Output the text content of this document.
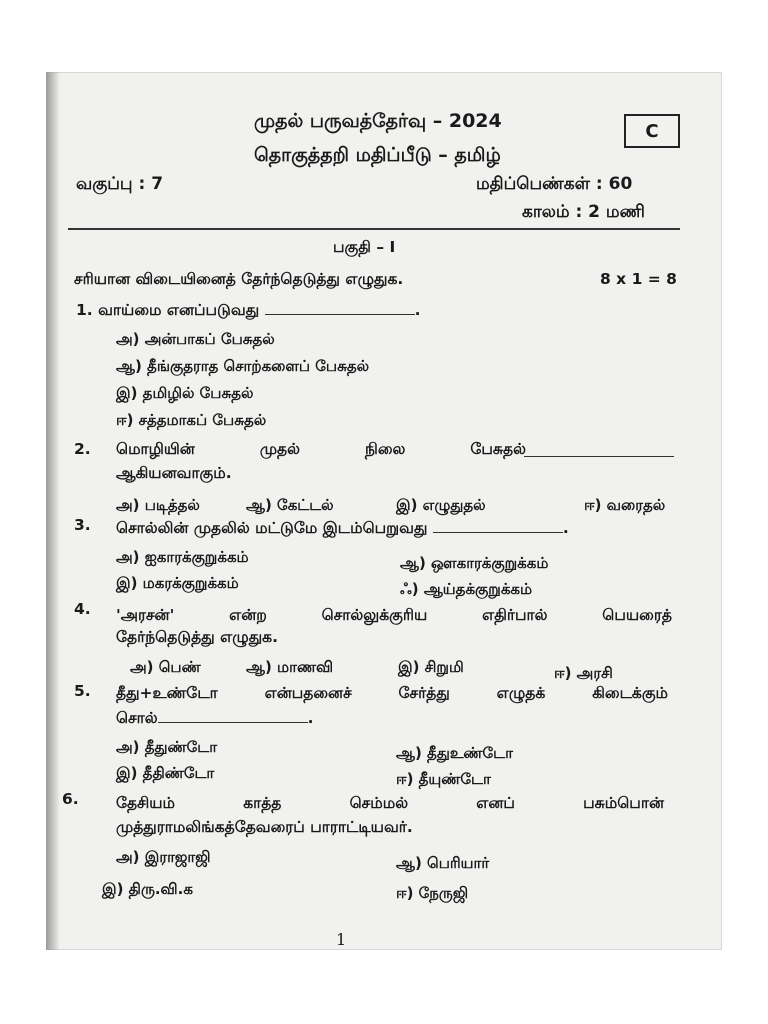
முதல் பருவத்தேர்வு – 2024	C
தொகுத்தறி மதிப்பீடு – தமிழ்
வகுப்பு : 7	மதிப்பெண்கள் : 60
காலம் : 2 மணி
பகுதி – I
சரியான விடையினைத் தேர்ந்தெடுத்து எழுதுக.	8 x 1 = 8
1. வாய்மை எனப்படுவது	.
அ) அன்பாகப் பேசுதல்
ஆ) தீங்குதராத சொற்களைப் பேசுதல்
இ) தமிழில் பேசுதல்
ஈ) சத்தமாகப் பேசுதல்
2. மொழியின்	முதல்	நிலை	பேசுதல்
ஆகியனவாகும்.
அ) படித்தல்	ஆ) கேட்டல்	இ) எழுதுதல்	ஈ) வரைதல்
3. சொல்லின் முதலில் மட்டுமே இடம்பெறுவது	.
அ) ஐகாரக்குறுக்கம்	ஆ) ஔகாரக்குறுக்கம்
இ) மகரக்குறுக்கம்	ஃ) ஆய்தக்குறுக்கம்
4. 'அரசன்'	என்ற	சொல்லுக்குரிய	எதிர்பால்	பெயரைத்
தேர்ந்தெடுத்து எழுதுக.
அ) பெண்	ஆ) மாணவி	இ) சிறுமி	ஈ) அரசி
5. தீது+உண்டோ	என்பதனைச்	சேர்த்து	எழுதக்	கிடைக்கும்
சொல்	.
அ) தீதுண்டோ	ஆ) தீதுஉண்டோ
இ) தீதிண்டோ	ஈ) தீயுண்டோ
6. தேசியம்	காத்த	செம்மல்	எனப்	பசும்பொன்
முத்துராமலிங்கத்தேவரைப் பாராட்டியவர்.
அ) இராஜாஜி	ஆ) பெரியார்
இ) திரு.வி.க	ஈ) நேருஜி
1
